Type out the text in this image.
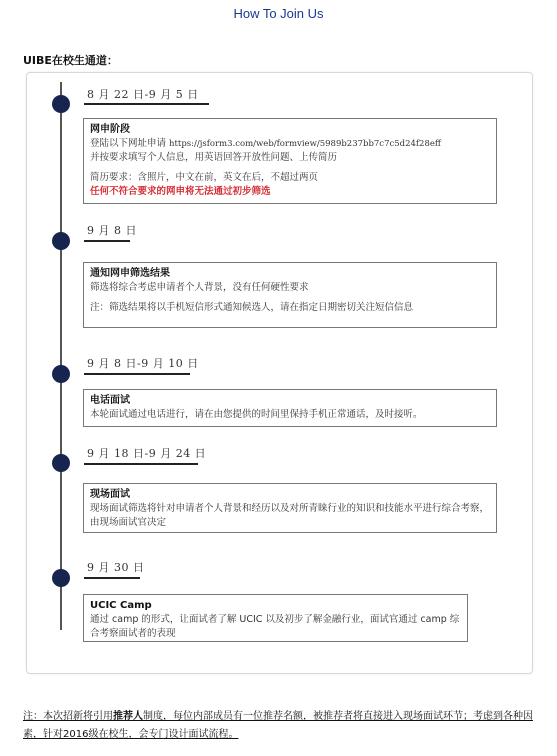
How To Join Us
UIBE在校生通道：
8 月 22 日-9 月 5 日
网申阶段
登陆以下网址申请 https://jsform3.com/web/formview/5989b237bb7c7c5d24f28eff
并按要求填写个人信息，用英语回答开放性问题、上传简历
简历要求：含照片，中文在前，英文在后，不超过两页
任何不符合要求的网申将无法通过初步筛选
9 月 8 日
通知网申筛选结果
筛选将综合考虑申请者个人背景，没有任何硬性要求
注：筛选结果将以手机短信形式通知候选人，请在指定日期密切关注短信信息
9 月 8 日-9 月 10 日
电话面试
本轮面试通过电话进行，请在由您提供的时间里保持手机正常通话，及时接听。
9 月 18 日-9 月 24 日
现场面试
现场面试筛选将针对申请者个人背景和经历以及对所青睐行业的知识和技能水平进行综合考察，由现场面试官决定
9 月 30 日
UCIC Camp
通过 camp 的形式，让面试者了解 UCIC 以及初步了解金融行业，面试官通过 camp 综合考察面试者的表现
注：本次招新将引用推荐人制度，每位内部成员有一位推荐名额，被推荐者将直接进入现场面试环节；考虑到各种因素，针对2016级在校生，会专门设计面试流程。
